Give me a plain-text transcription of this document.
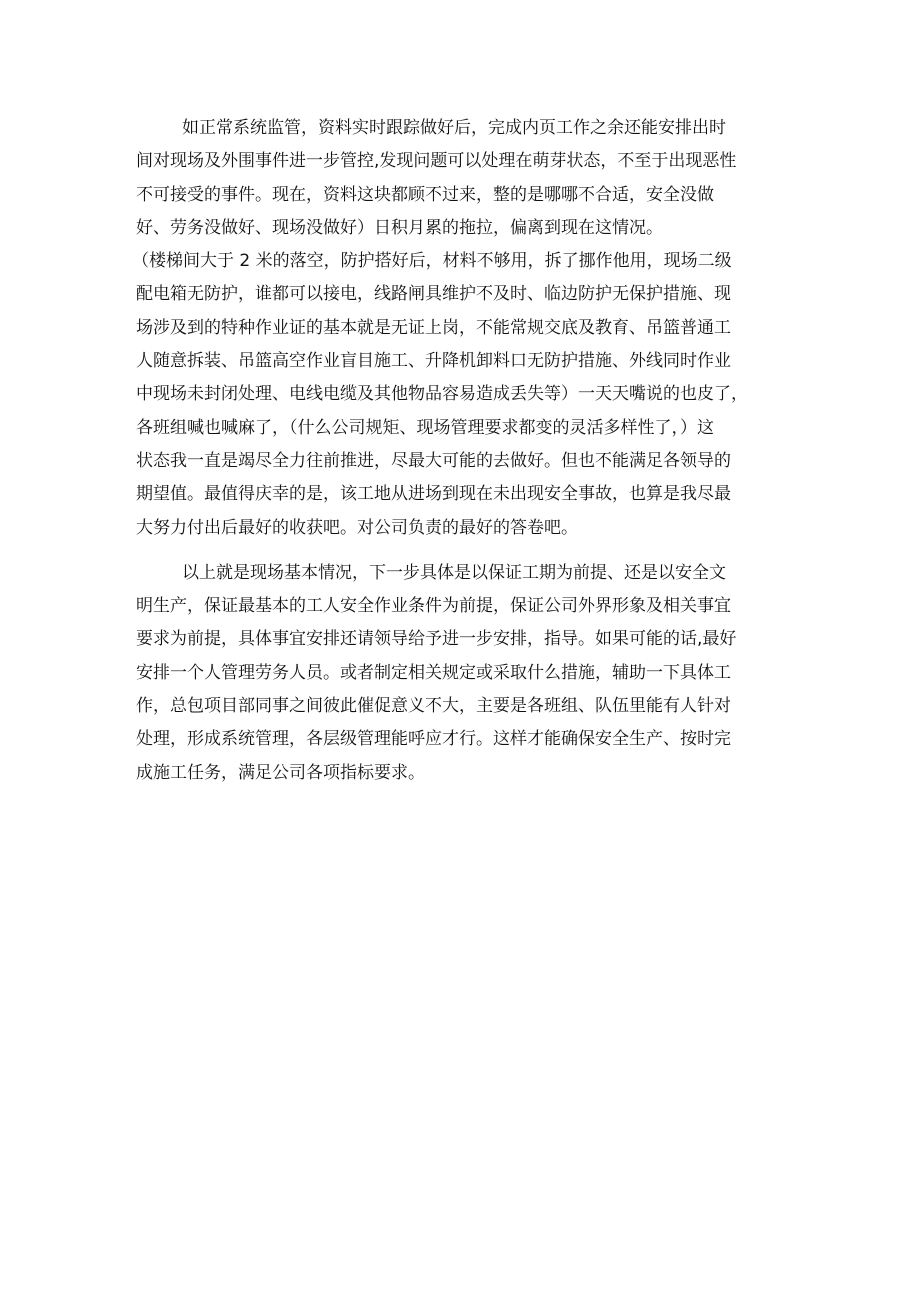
如正常系统监管，资料实时跟踪做好后，完成内页工作之余还能安排出时
间对现场及外围事件进一步管控,发现问题可以处理在萌芽状态，不至于出现恶性
不可接受的事件。现在，资料这块都顾不过来，整的是哪哪不合适，安全没做
好、劳务没做好、现场没做好）日积月累的拖拉，偏离到现在这情况。
（楼梯间大于 2 米的落空，防护搭好后，材料不够用，拆了挪作他用，现场二级
配电箱无防护，谁都可以接电，线路闸具维护不及时、临边防护无保护措施、现
场涉及到的特种作业证的基本就是无证上岗，不能常规交底及教育、吊篮普通工
人随意拆装、吊篮高空作业盲目施工、升降机卸料口无防护措施、外线同时作业
中现场未封闭处理、电线电缆及其他物品容易造成丢失等）一天天嘴说的也皮了，
各班组喊也喊麻了，（什么公司规矩、现场管理要求都变的灵活多样性了，）这
状态我一直是竭尽全力往前推进，尽最大可能的去做好。但也不能满足各领导的
期望值。最值得庆幸的是，该工地从进场到现在未出现安全事故，也算是我尽最
大努力付出后最好的收获吧。对公司负责的最好的答卷吧。

以上就是现场基本情况，下一步具体是以保证工期为前提、还是以安全文
明生产，保证最基本的工人安全作业条件为前提，保证公司外界形象及相关事宜
要求为前提，具体事宜安排还请领导给予进一步安排，指导。如果可能的话,最好
安排一个人管理劳务人员。或者制定相关规定或采取什么措施，辅助一下具体工
作，总包项目部同事之间彼此催促意义不大，主要是各班组、队伍里能有人针对
处理，形成系统管理，各层级管理能呼应才行。这样才能确保安全生产、按时完
成施工任务，满足公司各项指标要求。
